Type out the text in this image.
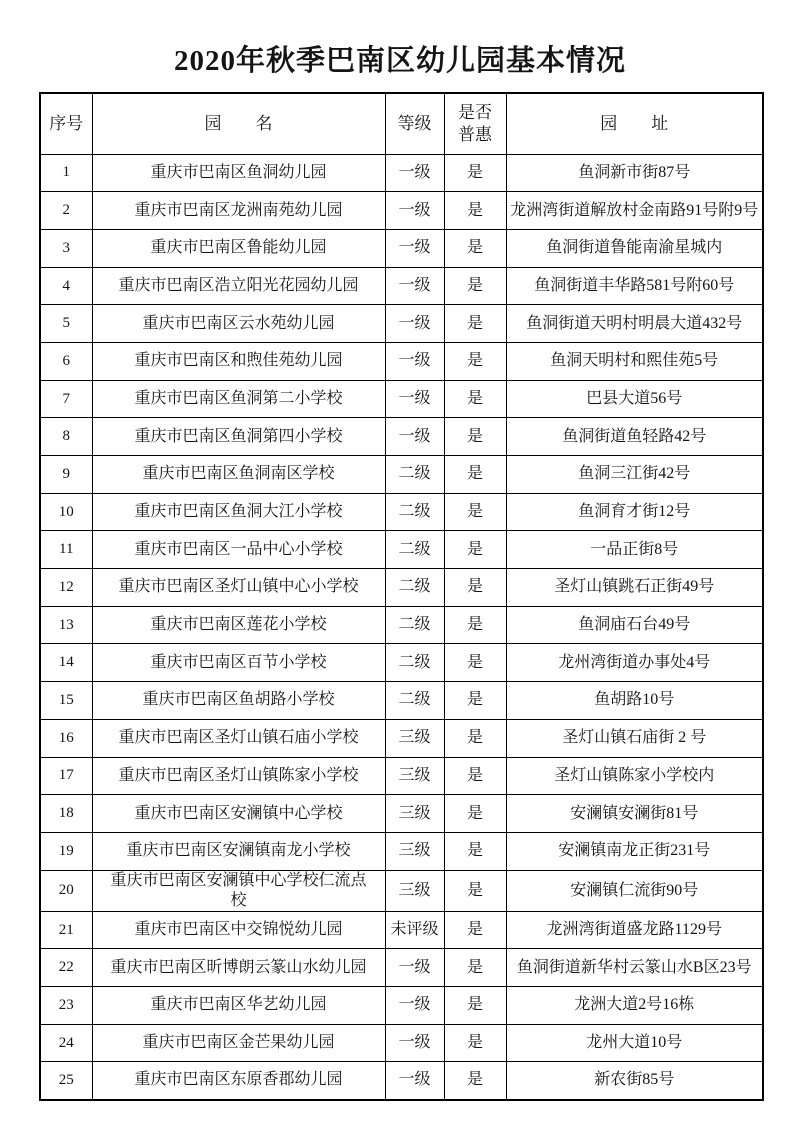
2020年秋季巴南区幼儿园基本情况
序号	园　　名	等级	是否普惠	园　　址
1	重庆市巴南区鱼洞幼儿园	一级	是	鱼洞新市街87号
2	重庆市巴南区龙洲南苑幼儿园	一级	是	龙洲湾街道解放村金南路91号附9号
3	重庆市巴南区鲁能幼儿园	一级	是	鱼洞街道鲁能南渝星城内
4	重庆市巴南区浩立阳光花园幼儿园	一级	是	鱼洞街道丰华路581号附60号
5	重庆市巴南区云水苑幼儿园	一级	是	鱼洞街道天明村明晨大道432号
6	重庆市巴南区和煦佳苑幼儿园	一级	是	鱼洞天明村和熙佳苑5号
7	重庆市巴南区鱼洞第二小学校	一级	是	巴县大道56号
8	重庆市巴南区鱼洞第四小学校	一级	是	鱼洞街道鱼轻路42号
9	重庆市巴南区鱼洞南区学校	二级	是	鱼洞三江街42号
10	重庆市巴南区鱼洞大江小学校	二级	是	鱼洞育才街12号
11	重庆市巴南区一品中心小学校	二级	是	一品正街8号
12	重庆市巴南区圣灯山镇中心小学校	二级	是	圣灯山镇跳石正街49号
13	重庆市巴南区莲花小学校	二级	是	鱼洞庙石台49号
14	重庆市巴南区百节小学校	二级	是	龙州湾街道办事处4号
15	重庆市巴南区鱼胡路小学校	二级	是	鱼胡路10号
16	重庆市巴南区圣灯山镇石庙小学校	三级	是	圣灯山镇石庙街 2 号
17	重庆市巴南区圣灯山镇陈家小学校	三级	是	圣灯山镇陈家小学校内
18	重庆市巴南区安澜镇中心学校	三级	是	安澜镇安澜街81号
19	重庆市巴南区安澜镇南龙小学校	三级	是	安澜镇南龙正街231号
20	重庆市巴南区安澜镇中心学校仁流点校	三级	是	安澜镇仁流街90号
21	重庆市巴南区中交锦悦幼儿园	未评级	是	龙洲湾街道盛龙路1129号
22	重庆市巴南区昕博朗云篆山水幼儿园	一级	是	鱼洞街道新华村云篆山水B区23号
23	重庆市巴南区华艺幼儿园	一级	是	龙洲大道2号16栋
24	重庆市巴南区金芒果幼儿园	一级	是	龙州大道10号
25	重庆市巴南区东原香郡幼儿园	一级	是	新农街85号
